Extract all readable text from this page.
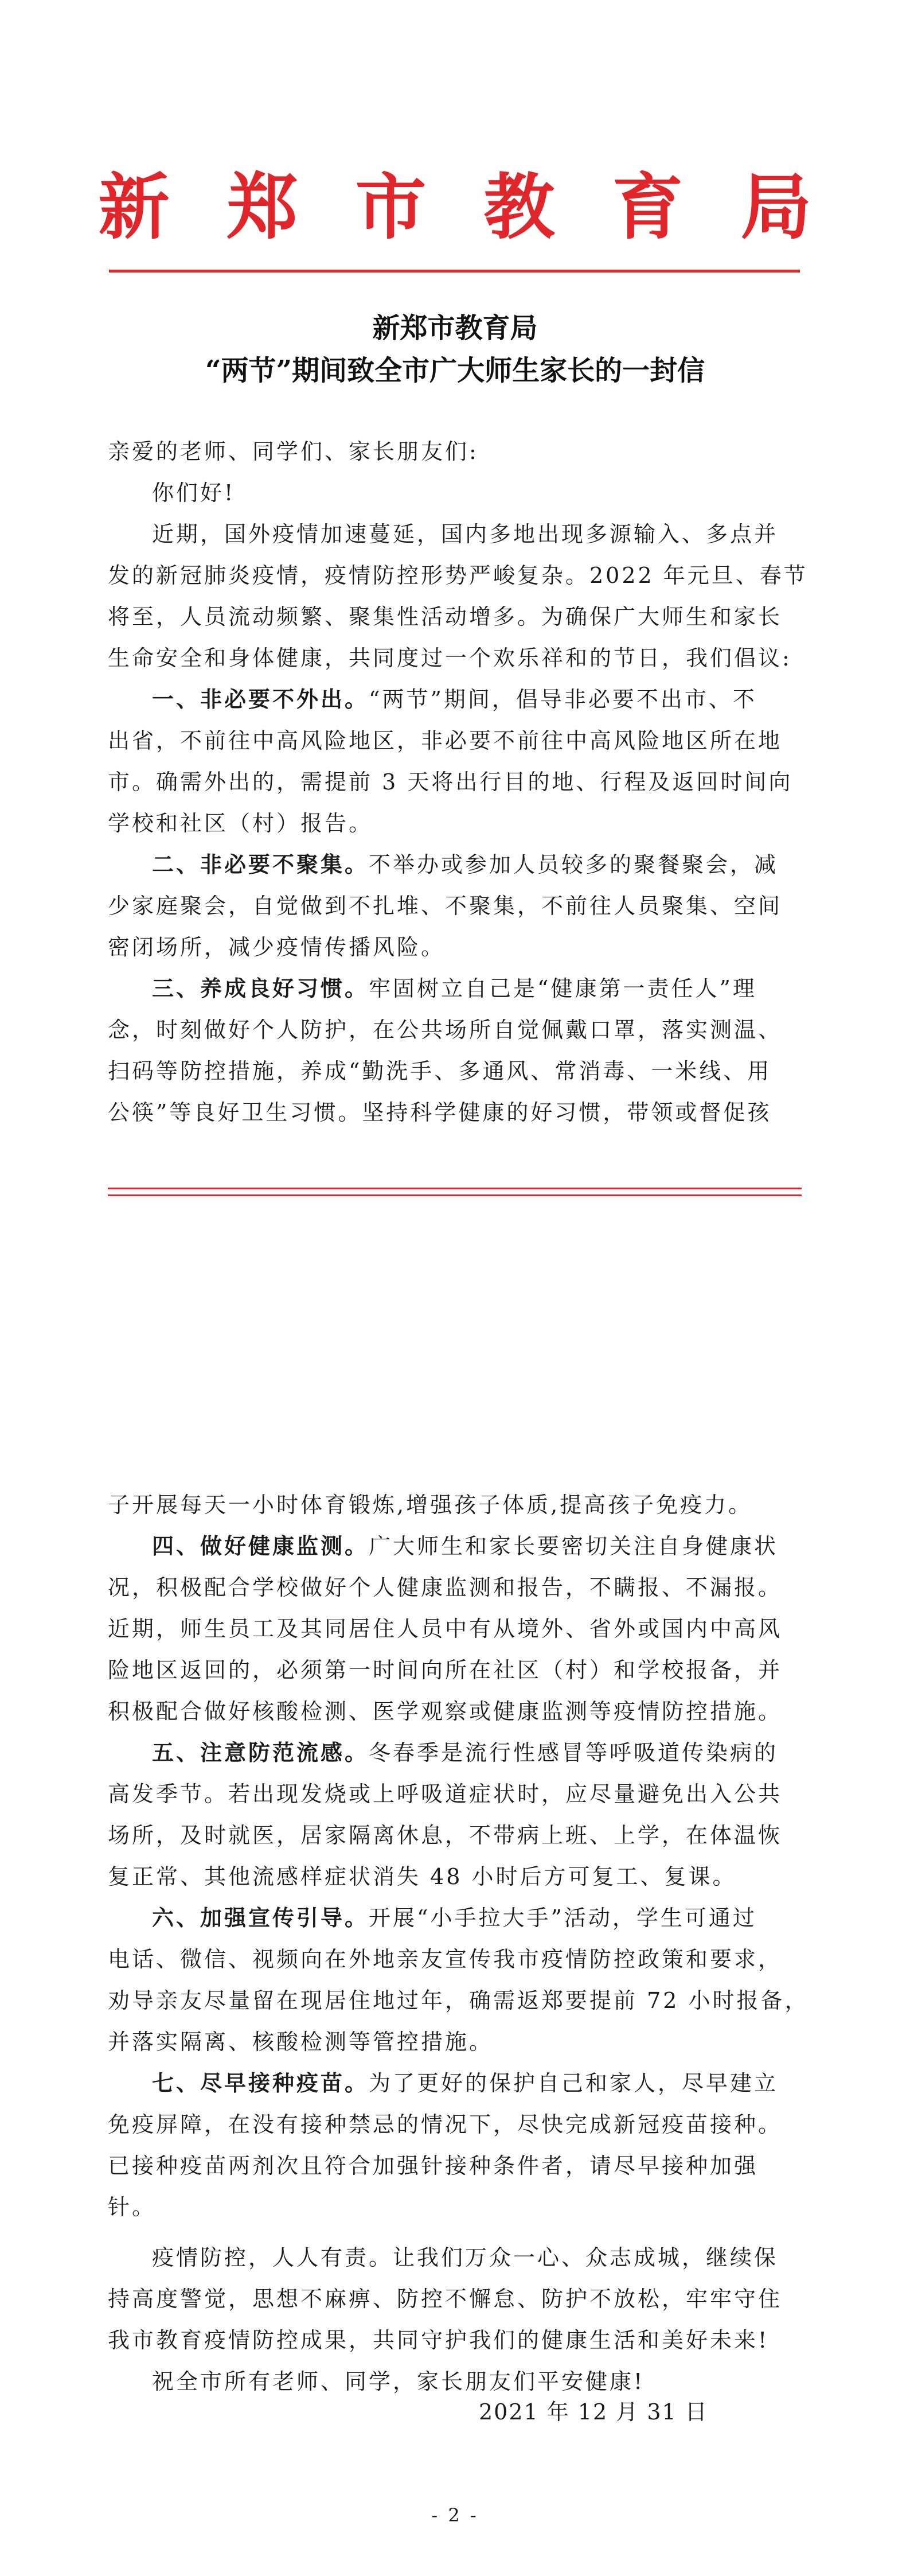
新郑市教育局
新郑市教育局
“两节”期间致全市广大师生家长的一封信
亲爱的老师、同学们、家长朋友们:
你们好!
近期，国外疫情加速蔓延，国内多地出现多源输入、多点并
发的新冠肺炎疫情，疫情防控形势严峻复杂。2022 年元旦、春节
将至，人员流动频繁、聚集性活动增多。为确保广大师生和家长
生命安全和身体健康，共同度过一个欢乐祥和的节日，我们倡议:
一、非必要不外出。“两节”期间，倡导非必要不出市、不
出省，不前往中高风险地区，非必要不前往中高风险地区所在地
市。确需外出的，需提前 3 天将出行目的地、行程及返回时间向
学校和社区（村）报告。
二、非必要不聚集。不举办或参加人员较多的聚餐聚会，减
少家庭聚会，自觉做到不扎堆、不聚集，不前往人员聚集、空间
密闭场所，减少疫情传播风险。
三、养成良好习惯。牢固树立自己是“健康第一责任人”理
念，时刻做好个人防护，在公共场所自觉佩戴口罩，落实测温、
扫码等防控措施，养成“勤洗手、多通风、常消毒、一米线、用
公筷”等良好卫生习惯。坚持科学健康的好习惯，带领或督促孩
子开展每天一小时体育锻炼,增强孩子体质,提高孩子免疫力。
四、做好健康监测。广大师生和家长要密切关注自身健康状
况，积极配合学校做好个人健康监测和报告，不瞒报、不漏报。
近期，师生员工及其同居住人员中有从境外、省外或国内中高风
险地区返回的，必须第一时间向所在社区（村）和学校报备，并
积极配合做好核酸检测、医学观察或健康监测等疫情防控措施。
五、注意防范流感。冬春季是流行性感冒等呼吸道传染病的
高发季节。若出现发烧或上呼吸道症状时，应尽量避免出入公共
场所，及时就医，居家隔离休息，不带病上班、上学，在体温恢
复正常、其他流感样症状消失 48 小时后方可复工、复课。
六、加强宣传引导。开展“小手拉大手”活动，学生可通过
电话、微信、视频向在外地亲友宣传我市疫情防控政策和要求，
劝导亲友尽量留在现居住地过年，确需返郑要提前 72 小时报备，
并落实隔离、核酸检测等管控措施。
七、尽早接种疫苗。为了更好的保护自己和家人，尽早建立
免疫屏障，在没有接种禁忌的情况下，尽快完成新冠疫苗接种。
已接种疫苗两剂次且符合加强针接种条件者，请尽早接种加强
针。
疫情防控，人人有责。让我们万众一心、众志成城，继续保
持高度警觉，思想不麻痹、防控不懈怠、防护不放松，牢牢守住
我市教育疫情防控成果，共同守护我们的健康生活和美好未来!
祝全市所有老师、同学，家长朋友们平安健康!
2021 年 12 月 31 日
- 2 -
